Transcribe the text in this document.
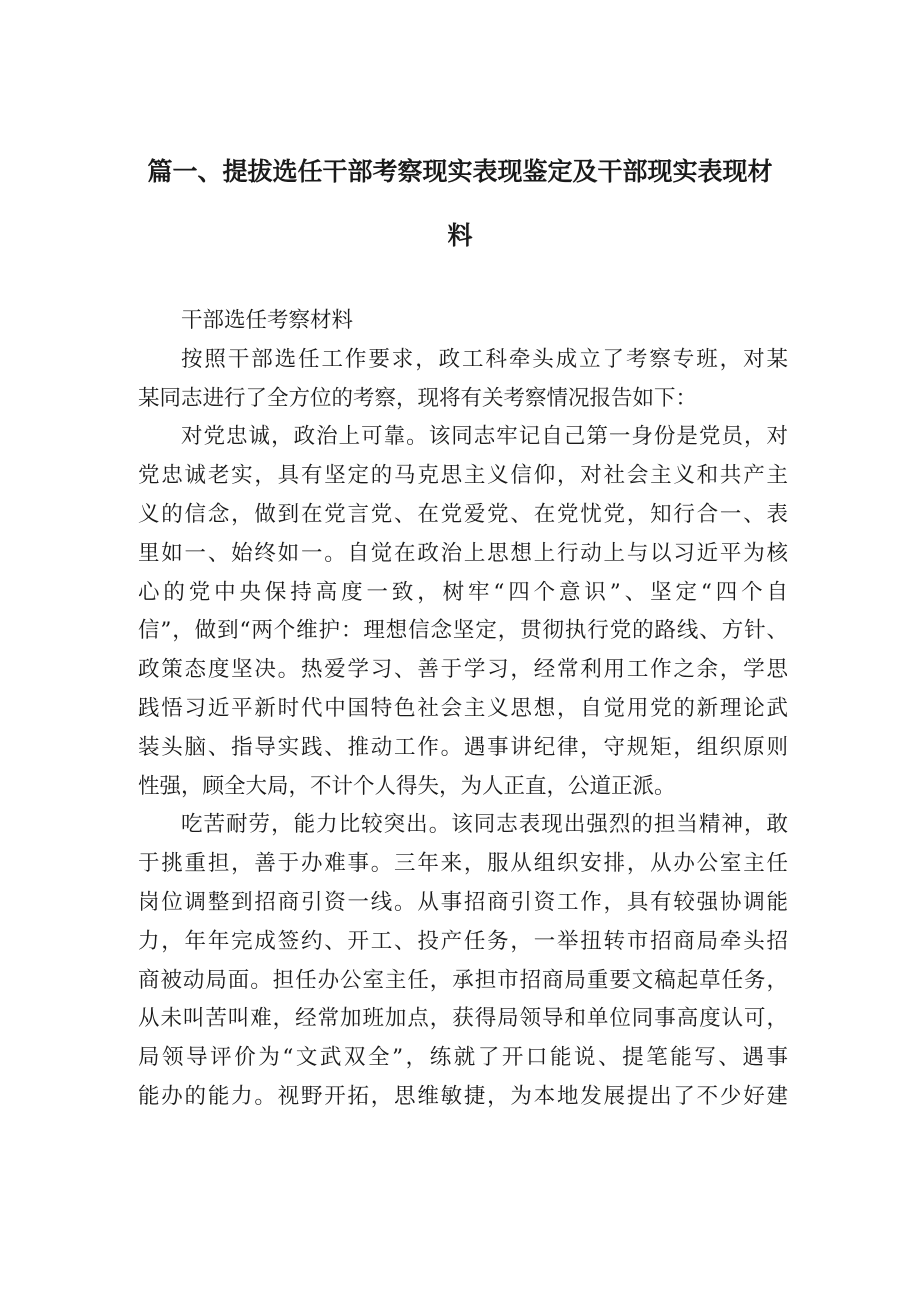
篇一、提拔选任干部考察现实表现鉴定及干部现实表现材
料
干部选任考察材料
按照干部选任工作要求，政工科牵头成立了考察专班，对某
某同志进行了全方位的考察，现将有关考察情况报告如下：
对党忠诚，政治上可靠。该同志牢记自己第一身份是党员，对
党忠诚老实，具有坚定的马克思主义信仰，对社会主义和共产主
义的信念，做到在党言党、在党爱党、在党忧党，知行合一、表
里如一、始终如一。自觉在政治上思想上行动上与以习近平为核
心的党中央保持高度一致，树牢“四个意识”、坚定“四个自
信”，做到“两个维护：理想信念坚定，贯彻执行党的路线、方针、
政策态度坚决。热爱学习、善于学习，经常利用工作之余，学思
践悟习近平新时代中国特色社会主义思想，自觉用党的新理论武
装头脑、指导实践、推动工作。遇事讲纪律，守规矩，组织原则
性强，顾全大局，不计个人得失，为人正直，公道正派。
吃苦耐劳，能力比较突出。该同志表现出强烈的担当精神，敢
于挑重担，善于办难事。三年来，服从组织安排，从办公室主任
岗位调整到招商引资一线。从事招商引资工作，具有较强协调能
力，年年完成签约、开工、投产任务，一举扭转市招商局牵头招
商被动局面。担任办公室主任，承担市招商局重要文稿起草任务，
从未叫苦叫难，经常加班加点，获得局领导和单位同事高度认可，
局领导评价为“文武双全”，练就了开口能说、提笔能写、遇事
能办的能力。视野开拓，思维敏捷，为本地发展提出了不少好建
